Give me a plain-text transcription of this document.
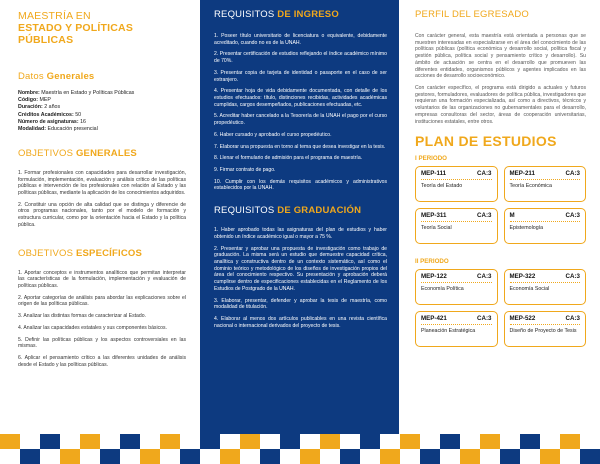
MAESTRÍA EN
ESTADO Y POLÍTICAS PÚBLICAS
Datos Generales

Nombre: Maestría en Estado y Políticas Públicas

Código: MEP

Duración: 2 años

Créditos Académicos: 50

Número de asignaturas: 16

Modalidad: Educación presencial

OBJETIVOS GENERALES

1. Formar profesionales con capacidades para desarrollar investigación, formulación, implementación, evaluación y análisis crítico de las políticas públicas e intervención de los profesionales con relación al Estado y las políticas públicas, mediante la aplicación de los conocimientos adquiridos.

2. Constituir una opción de alta calidad que se distinga y diferencie de otros programas nacionales, tanto por el modelo de formación y estructura curricular, como por la orientación hacia el Estado y la política pública.

OBJETIVOS ESPECÍFICOS

1. Aportar conceptos e instrumentos analíticos que permitan interpretar las características de la formulación, implementación y evaluación de políticas públicas.

2. Aportar categorías de análisis para abordar las explicaciones sobre el origen de las políticas públicas.

3. Analizar las distintas formas de caracterizar al Estado.

4. Analizar las capacidades estatales y sus componentes básicos.

5. Definir las políticas públicas y los aspectos controversiales en las mismas.

6. Aplicar el pensamiento crítico a las diferentes unidades de análisis desde el Estado y las políticas públicas.

REQUISITOS DE INGRESO

1. Poseer título universitario de licenciatura o equivalente, debidamente acreditado, cuando no es de la UNAH.

2. Presentar certificación de estudios reflejando el índice académico mínimo de 70%.

3. Presentar copia de tarjeta de identidad o pasaporte en el caso de ser extranjero.

4. Presentar hoja de vida debidamente documentada, con detalle de los estudios efectuados: título, distinciones recibidas, actividades académicas cumplidas, cargos desempeñados, publicaciones efectuadas, etc.

5. Acreditar haber cancelado a la Tesorería de la UNAH el pago por el curso propedéutico.

6. Haber cursado y aprobado el curso propedéutico.

7. Elaborar una propuesta en torno al tema que desea investigar en la tesis.

8. Llenar el formulario de admisión para el programa de maestría.

9. Firmar contrato de pago.

10. Cumplir con los demás requisitos académicos y administrativos establecidos por la UNAH.

REQUISITOS DE GRADUACIÓN

1. Haber aprobado todas las asignaturas del plan de estudios y haber obtenido un índice académico igual o mayor a 75 %.

2. Presentar y aprobar una propuesta de investigación como trabajo de graduación. La misma será un estudio que demuestre capacidad crítica, analítica y constructiva dentro de un contexto sistemático, así como el dominio teórico y metodológico de los diseños de investigación propios del área del conocimiento respectivo. Su presentación y aprobación deberá cumplirse dentro de especificaciones establecidas en el Reglamento de los Estudios de Postgrado de la UNAH.

3. Elaborar, presentar, defender y aprobar la tesis de maestría, como modalidad de titulación.

4. Elaborar al menos dos artículos publicables en una revista científica nacional o internacional derivados del proyecto de tesis.

PERFIL DEL EGRESADO

Con carácter general, esta maestría está orientada a personas que se muestren interesadas en especializarse en el área del conocimiento de las políticas públicas (política económica y desarrollo social, política fiscal y gestión pública, política social y pensamiento crítico y desarrollo). Su ámbito de actuación se centra en el desarrollo que promueven las diferentes entidades, organismos públicos y agentes implicados en las acciones de desarrollo socioeconómico.

Con carácter específico, el programa está dirigido a actuales y futuros gestores, formuladores, evaluadores de política pública, investigadores que requieran una formación especializada, así como a directivos, técnicos y voluntarios de las organizaciones no gubernamentales para el desarrollo, empresas consultoras del sector, áreas de cooperación universitarias, instituciones estatales, entre otros.

PLAN DE ESTUDIOS
I PERIODO
MEP-111	CA:3
Teoría del Estado
MEP-211	CA:3
Teoría Económica
MEP-311	CA:3
Teoría Social
M	CA:3
Epistemología
II PERIODO
MEP-122	CA:3
Economía Política
MEP-322	CA:3
Economía Social
MEP-421	CA:3
Planeación Estratégica
MEP-522	CA:3
Diseño de Proyecto de Tesis
